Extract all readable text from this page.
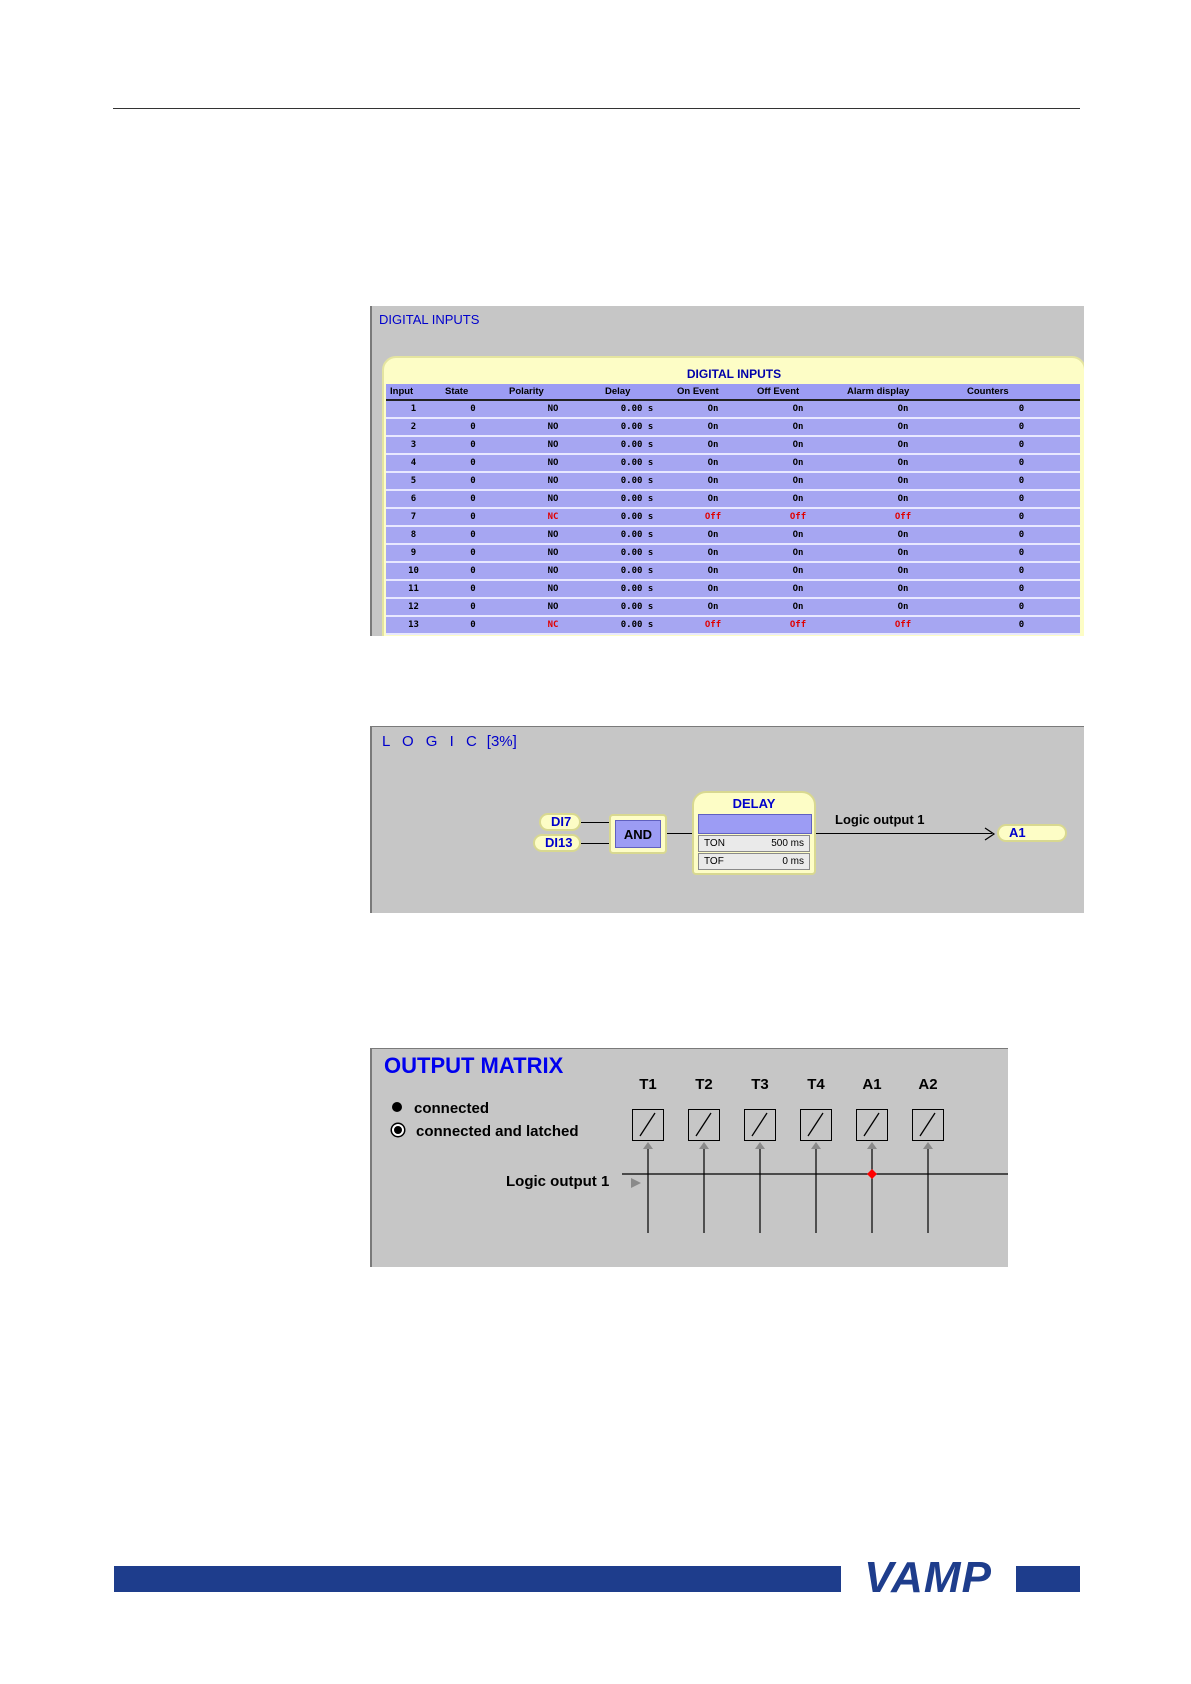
DIGITAL INPUTS
DIGITAL INPUTS
Input	State	Polarity	Delay	On Event	Off Event	Alarm display	Counters
1	0	NO	0.00 s	On	On	On	0
2	0	NO	0.00 s	On	On	On	0
3	0	NO	0.00 s	On	On	On	0
4	0	NO	0.00 s	On	On	On	0
5	0	NO	0.00 s	On	On	On	0
6	0	NO	0.00 s	On	On	On	0
7	0	NC	0.00 s	Off	Off	Off	0
8	0	NO	0.00 s	On	On	On	0
9	0	NO	0.00 s	On	On	On	0
10	0	NO	0.00 s	On	On	On	0
11	0	NO	0.00 s	On	On	On	0
12	0	NO	0.00 s	On	On	On	0
13	0	NC	0.00 s	Off	Off	Off	0
L O G I C [3%]
DI7
DI13
AND
DELAY
TON	500 ms
TOF	0 ms
Logic output 1
A1
OUTPUT MATRIX
connected
connected and latched
Logic output 1
T1	T2	T3	T4	A1	A2
VAMP
